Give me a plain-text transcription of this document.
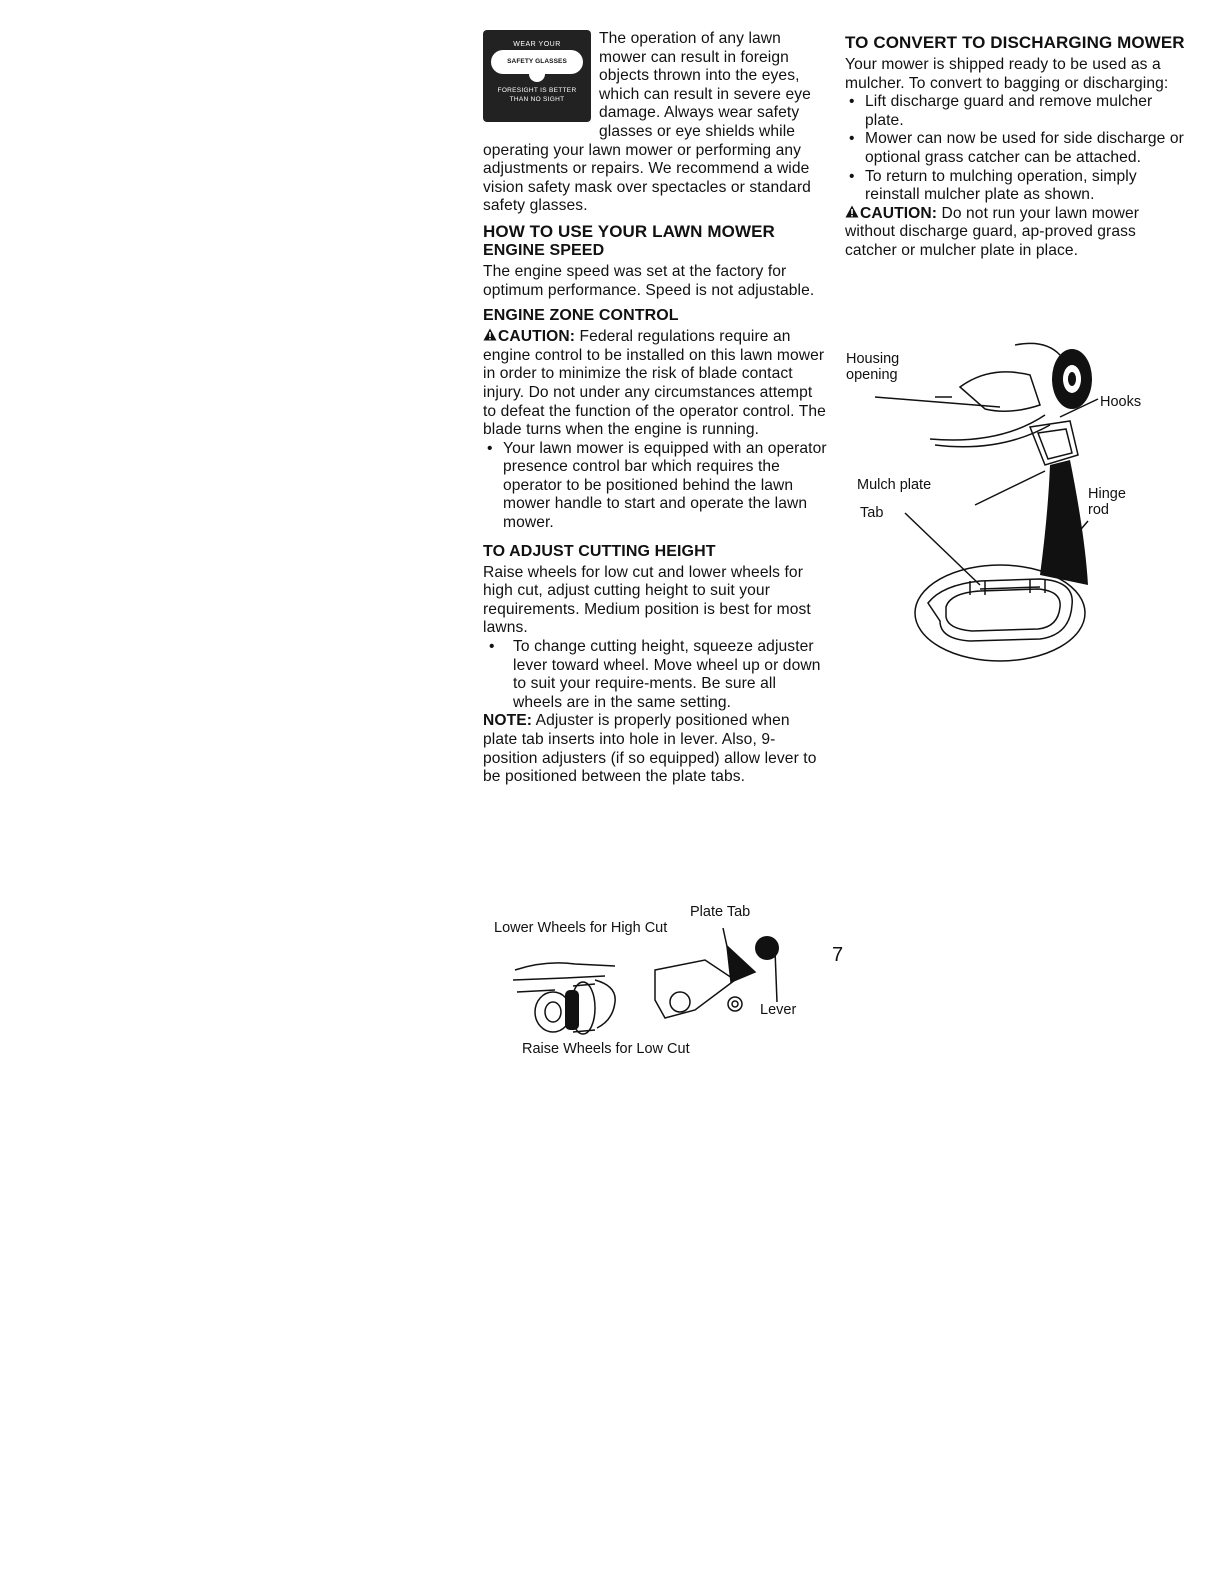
WEAR YOUR
SAFETY GLASSES
FORESIGHT IS BETTER
THAN NO SIGHT

The operation of any lawn mower can result in foreign objects thrown into the eyes, which can result in severe eye damage. Always wear safety glasses or eye shields while operating your lawn mower or performing any adjustments or repairs. We recommend a wide vision safety mask over spectacles or standard safety glasses.

HOW TO USE YOUR LAWN MOWER
ENGINE SPEED

The engine speed was set at the factory for optimum performance. Speed is not adjustable.

ENGINE ZONE CONTROL

CAUTION: Federal regulations require an engine control to be installed on this lawn mower in order to minimize the risk of blade contact injury. Do not under any circumstances attempt to defeat the function of the operator control. The blade turns when the engine is running.

• Your lawn mower is equipped with an operator presence control bar which requires the operator to be positioned behind the lawn mower handle to start and operate the lawn mower.
TO ADJUST CUTTING HEIGHT

Raise wheels for low cut and lower wheels for high cut, adjust cutting height to suit your requirements. Medium position is best for most lawns.

• To change cutting height, squeeze adjuster lever toward wheel. Move wheel up or down to suit your require-ments. Be sure all wheels are in the same setting.

NOTE: Adjuster is properly positioned when plate tab inserts into hole in lever. Also, 9-position adjusters (if so equipped) allow lever to be positioned between the plate tabs.

Plate Tab
Lower Wheels for High Cut
Lever
Raise Wheels for Low Cut
TO CONVERT TO DISCHARGING MOWER

Your mower is shipped ready to be used as a mulcher. To convert to bagging or discharging:

• Lift discharge guard and remove mulcher plate.
• Mower can now be used for side discharge or optional grass catcher can be attached.
• To return to mulching operation, simply reinstall mulcher plate as shown.

CAUTION: Do not run your lawn mower without discharge guard, ap-proved grass catcher or mulcher plate in place.

Housing
opening
Hooks
Mulch plate
Tab
Hinge
rod
7
